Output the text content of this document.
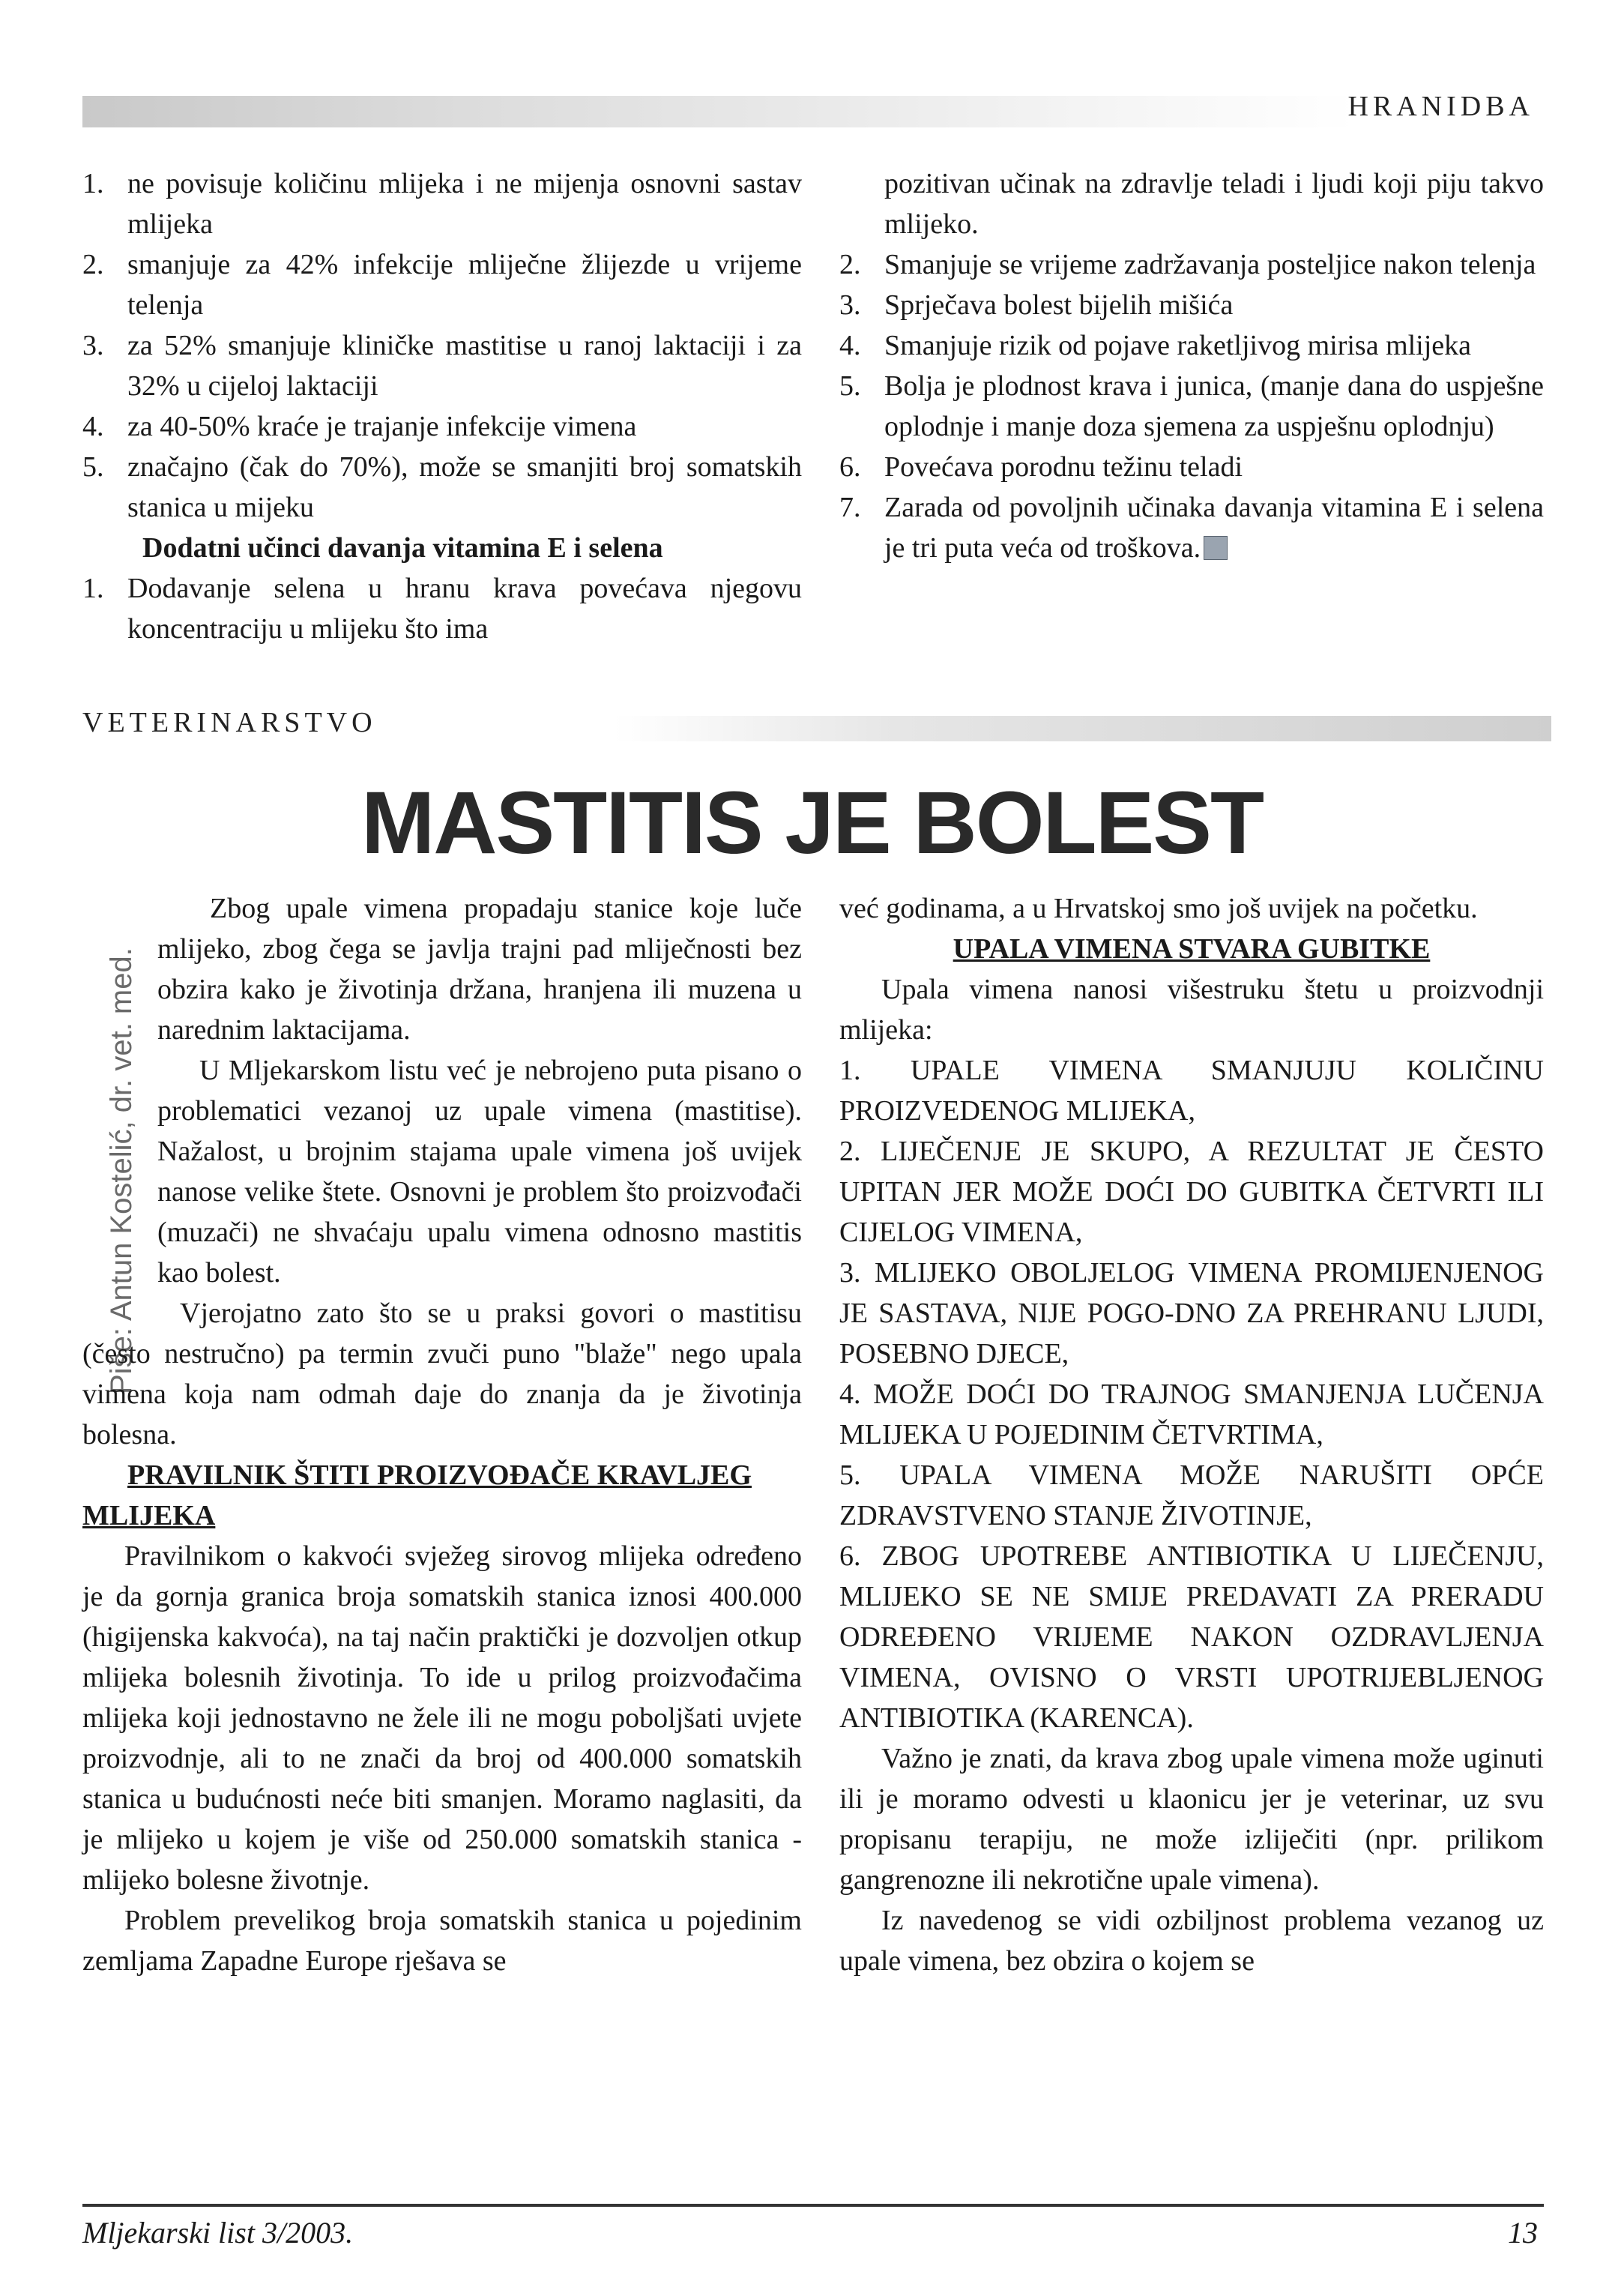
HRANIDBA
1. ne povisuje količinu mlijeka i ne mijenja osnovni sastav mlijeka
2. smanjuje za 42% infekcije mliječne žlijezde u vrijeme telenja
3. za 52% smanjuje kliničke mastitise u ranoj laktaciji i za 32% u cijeloj laktaciji
4. za 40-50% kraće je trajanje infekcije vimena
5. značajno (čak do 70%), može se smanjiti broj somatskih stanica u mijeku
Dodatni učinci davanja vitamina E i selena
1. Dodavanje selena u hranu krava povećava njegovu koncentraciju u mlijeku što ima
pozitivan učinak na zdravlje teladi i ljudi koji piju takvo mlijeko.
2. Smanjuje se vrijeme zadržavanja posteljice nakon telenja
3. Sprječava bolest bijelih mišića
4. Smanjuje rizik od pojave raketljivog mirisa mlijeka
5. Bolja je plodnost krava i junica, (manje dana do uspješne oplodnje i manje doza sjemena za uspješnu oplodnju)
6. Povećava porodnu težinu teladi
7. Zarada od povoljnih učinaka davanja vitamina E i selena je tri puta veća od troškova.
VETERINARSTVO
MASTITIS JE BOLEST
Piše: Antun Kostelić, dr. vet. med.

Zbog upale vimena propadaju stanice koje luče mlijeko, zbog čega se javlja trajni pad mliječnosti bez obzira kako je životinja držana, hranjena ili muzena u narednim laktacijama.

U Mljekarskom listu već je nebrojeno puta pisano o problematici vezanoj uz upale vimena (mastitise). Nažalost, u brojnim stajama upale vimena još uvijek nanose velike štete. Osnovni je problem što proizvođači (muzači) ne shvaćaju upalu vimena odnosno mastitis kao bolest.

Vjerojatno zato što se u praksi govori o mastitisu (često nestručno) pa termin zvuči puno "blaže" nego upala vimena koja nam odmah daje do znanja da je životinja bolesna.

PRAVILNIK ŠTITI PROIZVOĐAČE KRAVLJEG MLIJEKA

Pravilnikom o kakvoći svježeg sirovog mlijeka određeno je da gornja granica broja somatskih stanica iznosi 400.000 (higijenska kakvoća), na taj način praktički je dozvoljen otkup mlijeka bolesnih životinja. To ide u prilog proizvođačima mlijeka koji jednostavno ne žele ili ne mogu poboljšati uvjete proizvodnje, ali to ne znači da broj od 400.000 somatskih stanica u budućnosti neće biti smanjen. Moramo naglasiti, da je mlijeko u kojem je više od 250.000 somatskih stanica - mlijeko bolesne životnje.

Problem prevelikog broja somatskih stanica u pojedinim zemljama Zapadne Europe rješava se

već godinama, a u Hrvatskoj smo još uvijek na početku.

UPALA VIMENA STVARA GUBITKE

Upala vimena nanosi višestruku štetu u proizvodnji mlijeka:

1. UPALE VIMENA SMANJUJU KOLIČINU PROIZVEDENOG MLIJEKA,

2. LIJEČENJE JE SKUPO, A REZULTAT JE ČESTO UPITAN JER MOŽE DOĆI DO GUBITKA ČETVRTI ILI CIJELOG VIMENA,

3. MLIJEKO OBOLJELOG VIMENA PROMIJENJENOG JE SASTAVA, NIJE POGO-DNO ZA PREHRANU LJUDI, POSEBNO DJECE,

4. MOŽE DOĆI DO TRAJNOG SMANJENJA LUČENJA MLIJEKA U POJEDINIM ČETVRTIMA,

5. UPALA VIMENA MOŽE NARUŠITI OPĆE ZDRAVSTVENO STANJE ŽIVOTINJE,

6. ZBOG UPOTREBE ANTIBIOTIKA U LIJEČENJU, MLIJEKO SE NE SMIJE PREDAVATI ZA PRERADU ODREĐENO VRIJEME NAKON OZDRAVLJENJA VIMENA, OVISNO O VRSTI UPOTRIJEBLJENOG ANTIBIOTIKA (KARENCA).

Važno je znati, da krava zbog upale vimena može uginuti ili je moramo odvesti u klaonicu jer je veterinar, uz svu propisanu terapiju, ne može izliječiti (npr. prilikom gangrenozne ili nekrotične upale vimena).

Iz navedenog se vidi ozbiljnost problema vezanog uz upale vimena, bez obzira o kojem se

Mljekarski list 3/2003.	13
